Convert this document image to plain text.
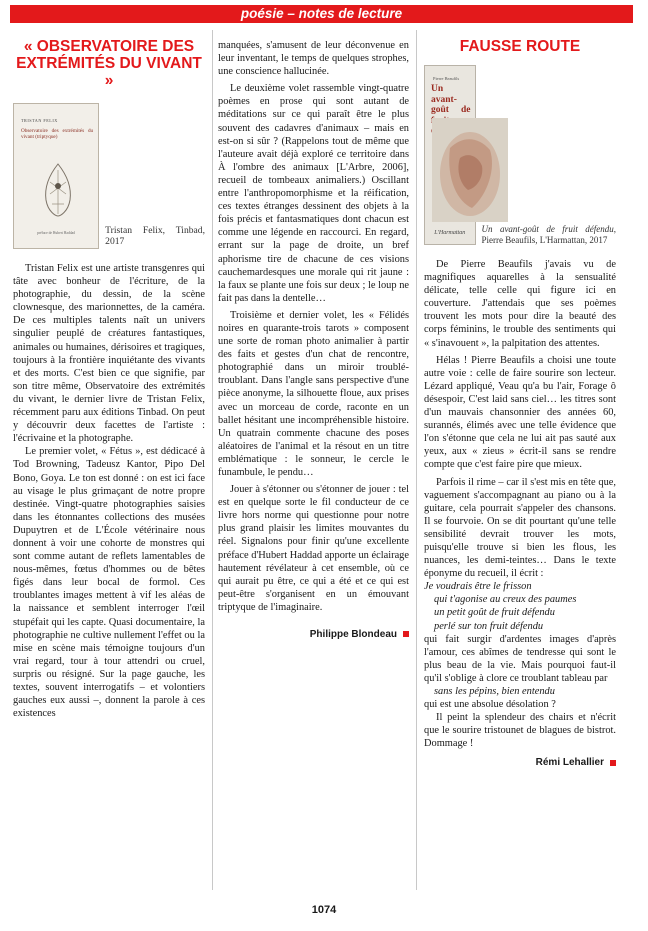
poésie – notes de lecture
« OBSERVATOIRE DES EXTRÉMITÉS DU VIVANT »
TRISTAN FELIX
Observatoire des extrémités du vivant (triptyque)
préface de Hubert Haddad	Tristan Felix, Tinbad, 2017

Tristan Felix est une artiste transgenres qui tâte avec bonheur de l'écriture, de la photographie, du dessin, de la scène clownesque, des marionnettes, de la caméra. De ces multiples talents naît un univers singulier peuplé de créatures fantastiques, animales ou humaines, dérisoires et tragiques, toujours à la frontière inquiétante des vivants et des morts. C'est bien ce que signifie, par son titre même, Observatoire des extrémités du vivant, le dernier livre de Tristan Felix, récemment paru aux éditions Tinbad. On peut y découvrir deux facettes de l'artiste : l'écrivaine et la photographe.

Le premier volet, « Fétus », est dédicacé à Tod Browning, Tadeusz Kantor, Pipo Del Bono, Goya. Le ton est donné : on est ici face au visage le plus grimaçant de notre propre destinée. Vingt-quatre photographies saisies dans les étonnantes collections des musées Dupuytren et de L'École vétérinaire nous donnent à voir une cohorte de monstres qui sont comme autant de reflets lamentables de nous-mêmes, fœtus d'hommes ou de bêtes figés dans leur bocal de formol. Ces troublantes images mettent à vif les aléas de la naissance et semblent interroger l'œil stupéfait qui les capte. Quasi documentaire, la photographie ne cultive nullement l'effet ou la mise en scène mais témoigne toujours d'un vrai regard, tour à tour attendri ou cruel, surpris ou résigné. Sur la page gauche, les textes, souvent interrogatifs – et volontiers gauches eux aussi –, donnent la parole à ces existences

manquées, s'amusent de leur déconvenue en leur inventant, le temps de quelques strophes, une conscience hallucinée.

Le deuxième volet rassemble vingt-quatre poèmes en prose qui sont autant de méditations sur ce qui paraît être le plus souvent des cadavres d'animaux – mais en est-on si sûr ? (Rappelons tout de même que l'auteure avait déjà exploré ce territoire dans À l'ombre des animaux [L'Arbre, 2006], recueil de tombeaux animaliers.) Oscillant entre l'anthropomorphisme et la réification, ces textes étranges dessinent des objets à la fois précis et fantasmatiques dont chacun est comme une légende en raccourci. En regard, errant sur la page de droite, un bref aphorisme tire de chacune de ces visions cauchemardesques une morale qui rit jaune : la faux se plante une fois sur deux ; le loup ne fait pas dans la dentelle…

Troisième et dernier volet, les « Félidés noires en quarante-trois tarots » composent une sorte de roman photo animalier à partir des faits et gestes d'un chat de rencontre, photographié dans un miroir troublé-troublant. Dans l'angle sans perspective d'une pièce anonyme, la silhouette floue, aux prises avec un morceau de corde, raconte en un ballet hésitant une incompréhensible histoire. Un quatrain commente chacune des poses aléatoires de l'animal et la résout en un titre emblématique : le sonneur, le cercle le funambule, le pendu…

Jouer à s'étonner ou s'étonner de jouer : tel est en quelque sorte le fil conducteur de ce livre hors norme qui questionne pour notre plus grand plaisir les limites mouvantes du réel. Signalons pour finir qu'une excellente préface d'Hubert Haddad apporte un éclairage hautement révélateur à cet ensemble, où ce qui aurait pu être, ce qui a été et ce qui est peut-être s'organisent en un émouvant triptyque de l'imaginaire.

Philippe Blondeau
FAUSSE ROUTE
Pierre Beaufils
Un avant-goût de
L'Harmattan	Un avant-goût de fruit défendu, Pierre Beaufils, L'Harmattan, 2017

De Pierre Beaufils j'avais vu de magnifiques aquarelles à la sensualité délicate, telle celle qui figure ici en couverture. J'attendais que ses poèmes trouvent les mots pour dire la beauté des corps féminins, le trouble des sentiments qui « s'inavouent », la palpitation des attentes.

Hélas ! Pierre Beaufils a choisi une toute autre voie : celle de faire sourire son lecteur. Lézard appliqué, Veau qu'a bu l'air, Forage ô désespoir, C'est laid sans ciel… les titres sont d'un mauvais chansonnier des années 60, surannés, élimés avec une telle évidence que l'on s'étonne que cela ne lui ait pas sauté aux yeux, aux « zieus » écrit-il sans se rendre compte que c'est faire pire que mieux.

Parfois il rime – car il s'est mis en tête que, vaguement s'accompagnant au piano ou à la guitare, cela pourrait s'appeler des chansons. Il se fourvoie. On se dit pourtant qu'une telle sensibilité devrait trouver les mots, puisqu'elle trouve si bien les flous, les nuances, les demi-teintes… Dans le texte éponyme du recueil, il écrit :

Je voudrais être le frisson
qui t'agonise au creux des paumes
un petit goût de fruit défendu
perlé sur ton fruit défendu

qui fait surgir d'ardentes images d'après l'amour, ces abîmes de tendresse qui sont le plus beau de la vie. Mais pourquoi faut-il qu'il s'oblige à clore ce troublant tableau par

sans les pépins, bien entendu
qui est une absolue désolation ?

Il peint la splendeur des chairs et n'écrit que le sourire tristounet de blagues de bistrot. Dommage !

Rémi Lehallier
1074
